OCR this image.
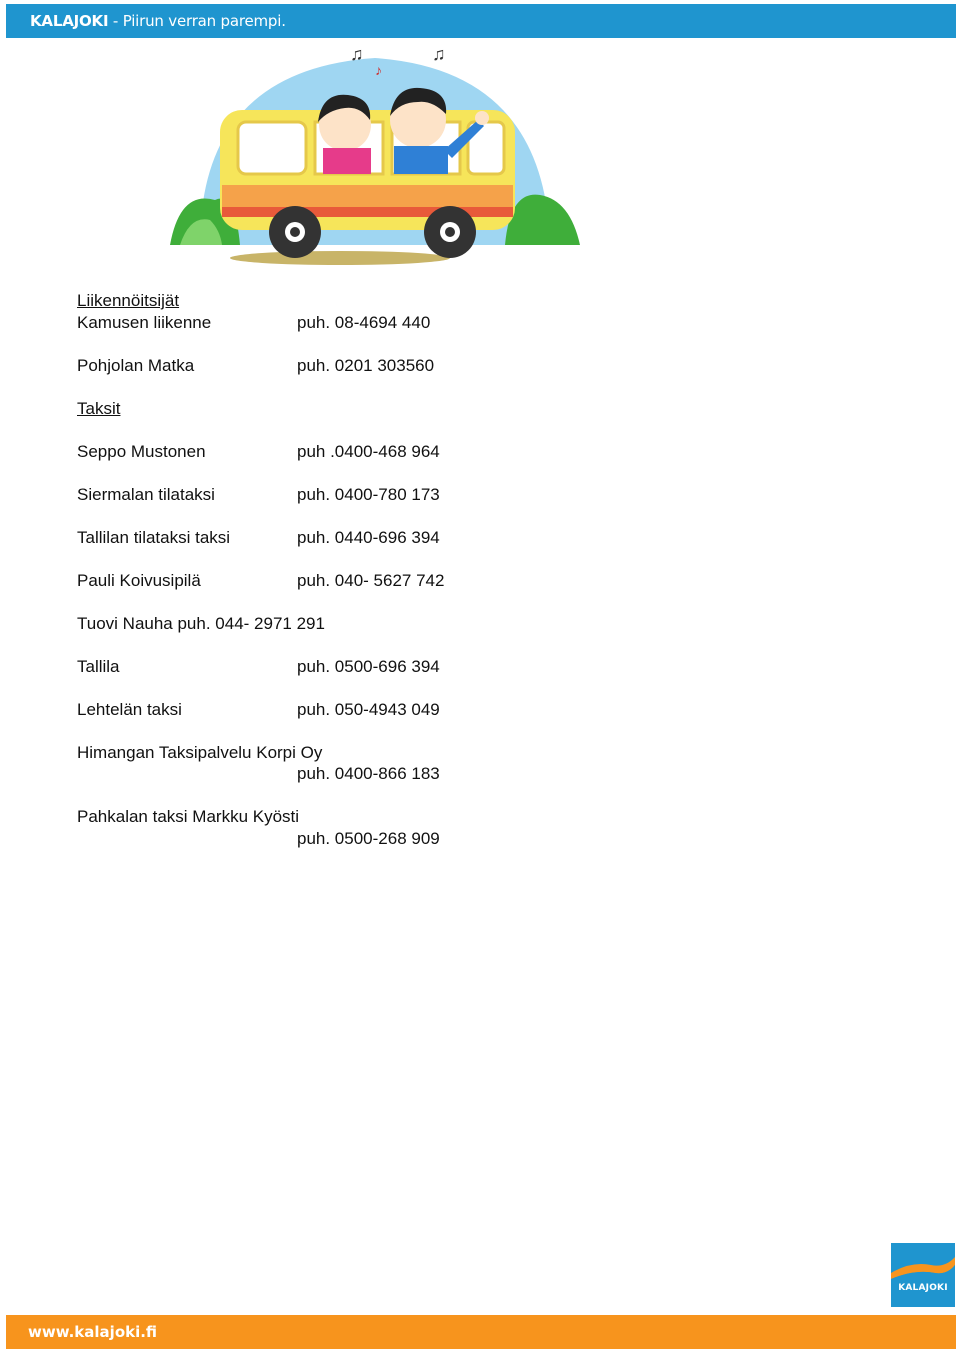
KALAJOKI - Piirun verran parempi.
♫	♫
♪
Liikennöitsijät
Kamusen liikenne	puh. 08-4694 440
Pohjolan Matka	puh. 0201 303560
Taksit
Seppo Mustonen	puh .0400-468 964
Siermalan tilataksi	puh. 0400-780 173
Tallilan tilataksi taksi	puh. 0440-696 394
Pauli Koivusipilä	puh. 040- 5627 742
Tuovi Nauha puh. 044- 2971 291
Tallila	puh. 0500-696 394
Lehtelän taksi	puh. 050-4943 049
Himangan Taksipalvelu Korpi Oy
puh. 0400-866 183
Pahkalan taksi Markku Kyösti
puh. 0500-268 909
KALAJOKI
www.kalajoki.fi
